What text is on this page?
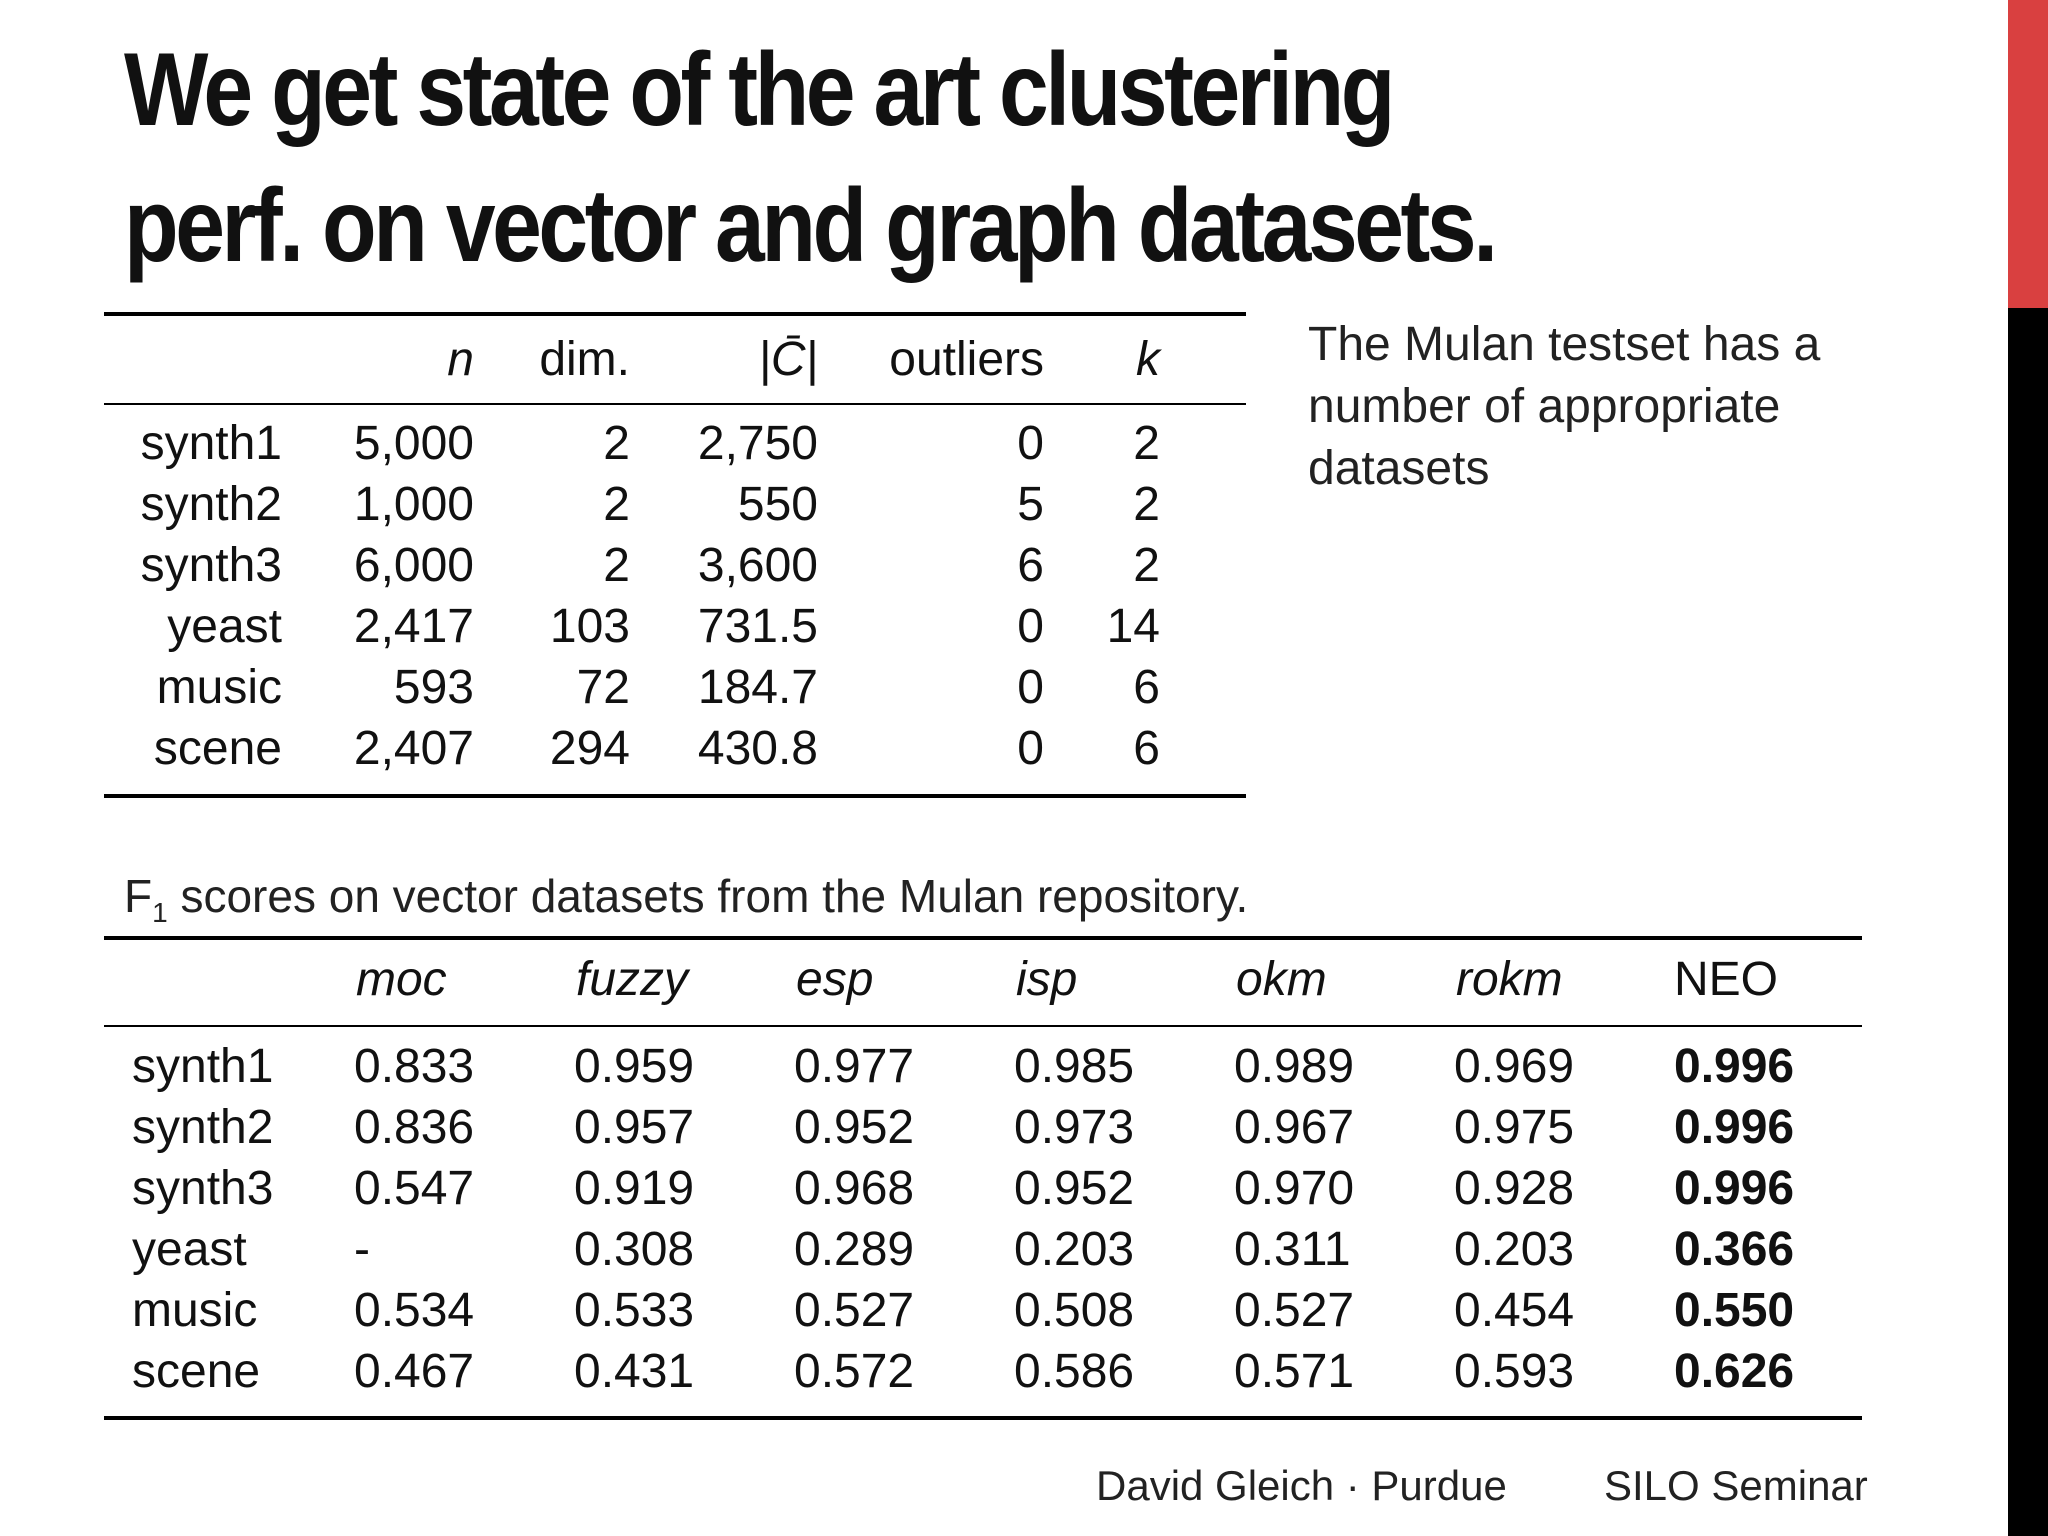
We get state of the art clustering
perf. on vector and graph datasets.
n	dim.	|C̄|	outliers	k
synth1	5,000	2	2,750	0	2
synth2	1,000	2	550	5	2
synth3	6,000	2	3,600	6	2
yeast	2,417	103	731.5	0	14
music	593	72	184.7	0	6
scene	2,407	294	430.8	0	6
The Mulan testset has a number of appropriate datasets
$F_1$ scores on vector datasets from the Mulan repository.
moc	fuzzy esp	isp	okm	rokm NEO
synth1 0.833 0.959 0.977 0.985 0.989 0.969 0.996
synth2 0.836 0.957 0.952 0.973 0.967 0.975 0.996
synth3 0.547 0.919 0.968 0.952 0.970 0.928 0.996
yeast -	0.308 0.289 0.203 0.311 0.203 0.366
music 0.534 0.533 0.527 0.508 0.527 0.454 0.550
scene 0.467 0.431 0.572 0.586 0.571 0.593 0.626
David Gleich · Purdue SILO Seminar
